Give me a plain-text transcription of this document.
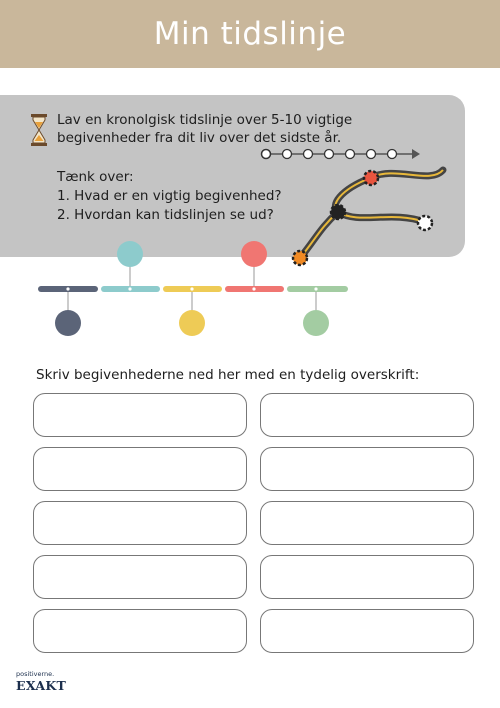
Min tidslinje
Lav en kronolgisk tidslinje over 5-10 vigtige begivenheder fra dit liv over det sidste år.
Tænk over:
1. Hvad er en vigtig begivenhed?
2. Hvordan kan tidslinjen se ud?
Skriv begivenhederne ned her med en tydelig overskrift:
positiverne.
EXAKT
